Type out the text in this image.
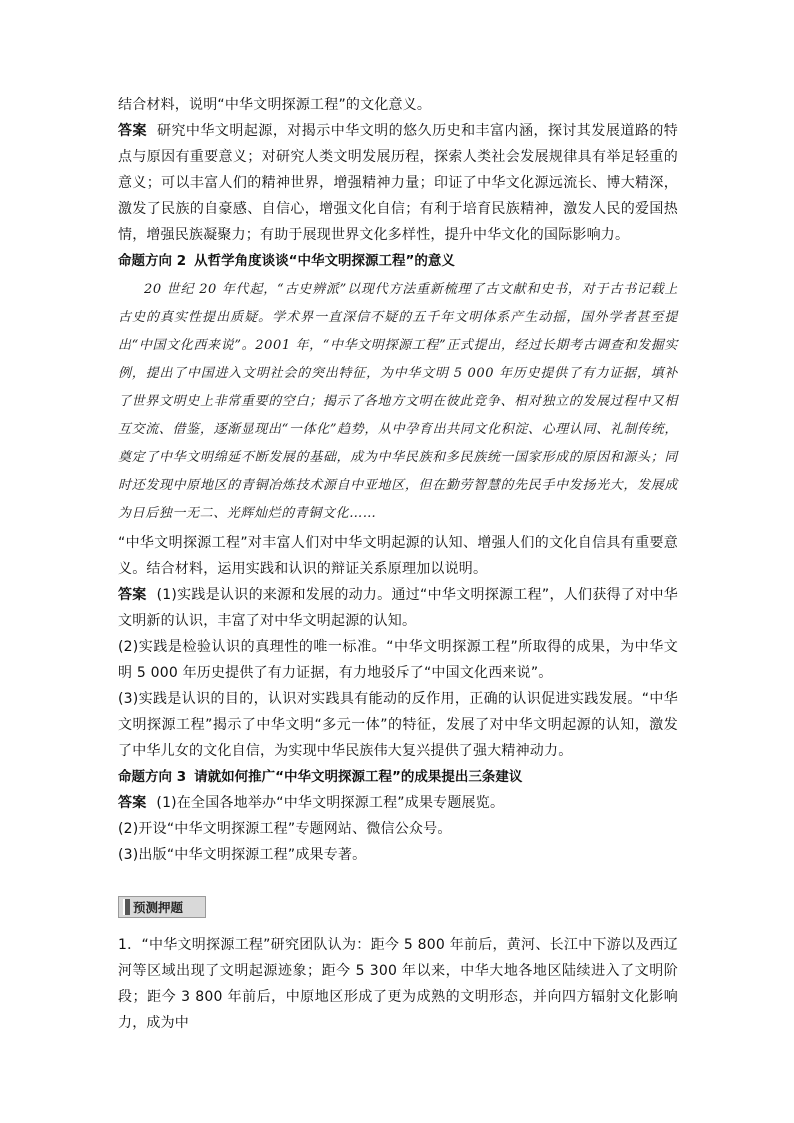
结合材料，说明“中华文明探源工程”的文化意义。

答案 研究中华文明起源，对揭示中华文明的悠久历史和丰富内涵，探讨其发展道路的特点与原因有重要意义；对研究人类文明发展历程，探索人类社会发展规律具有举足轻重的意义；可以丰富人们的精神世界，增强精神力量；印证了中华文化源远流长、博大精深，激发了民族的自豪感、自信心，增强文化自信；有利于培育民族精神，激发人民的爱国热情，增强民族凝聚力；有助于展现世界文化多样性，提升中华文化的国际影响力。

命题方向 2 从哲学角度谈谈“中华文明探源工程”的意义

20 世纪 20 年代起，“古史辨派”以现代方法重新梳理了古文献和史书，对于古书记载上古史的真实性提出质疑。学术界一直深信不疑的五千年文明体系产生动摇，国外学者甚至提出“中国文化西来说”。2001 年，“中华文明探源工程”正式提出，经过长期考古调查和发掘实例，提出了中国进入文明社会的突出特征，为中华文明 5 000 年历史提供了有力证据，填补了世界文明史上非常重要的空白；揭示了各地方文明在彼此竞争、相对独立的发展过程中又相互交流、借鉴，逐渐显现出“一体化”趋势，从中孕育出共同文化积淀、心理认同、礼制传统，奠定了中华文明绵延不断发展的基础，成为中华民族和多民族统一国家形成的原因和源头；同时还发现中原地区的青铜冶炼技术源自中亚地区，但在勤劳智慧的先民手中发扬光大，发展成为日后独一无二、光辉灿烂的青铜文化……

“中华文明探源工程”对丰富人们对中华文明起源的认知、增强人们的文化自信具有重要意义。结合材料，运用实践和认识的辩证关系原理加以说明。

答案 (1)实践是认识的来源和发展的动力。通过“中华文明探源工程”，人们获得了对中华文明新的认识，丰富了对中华文明起源的认知。

(2)实践是检验认识的真理性的唯一标准。“中华文明探源工程”所取得的成果，为中华文明 5 000 年历史提供了有力证据，有力地驳斥了“中国文化西来说”。

(3)实践是认识的目的，认识对实践具有能动的反作用，正确的认识促进实践发展。“中华文明探源工程”揭示了中华文明“多元一体”的特征，发展了对中华文明起源的认知，激发了中华儿女的文化自信，为实现中华民族伟大复兴提供了强大精神动力。

命题方向 3 请就如何推广“中华文明探源工程”的成果提出三条建议

答案 (1)在全国各地举办“中华文明探源工程”成果专题展览。

(2)开设“中华文明探源工程”专题网站、微信公众号。

(3)出版“中华文明探源工程”成果专著。

预测押题

1．“中华文明探源工程”研究团队认为：距今 5 800 年前后，黄河、长江中下游以及西辽河等区域出现了文明起源迹象；距今 5 300 年以来，中华大地各地区陆续进入了文明阶段；距今 3 800 年前后，中原地区形成了更为成熟的文明形态，并向四方辐射文化影响力，成为中
